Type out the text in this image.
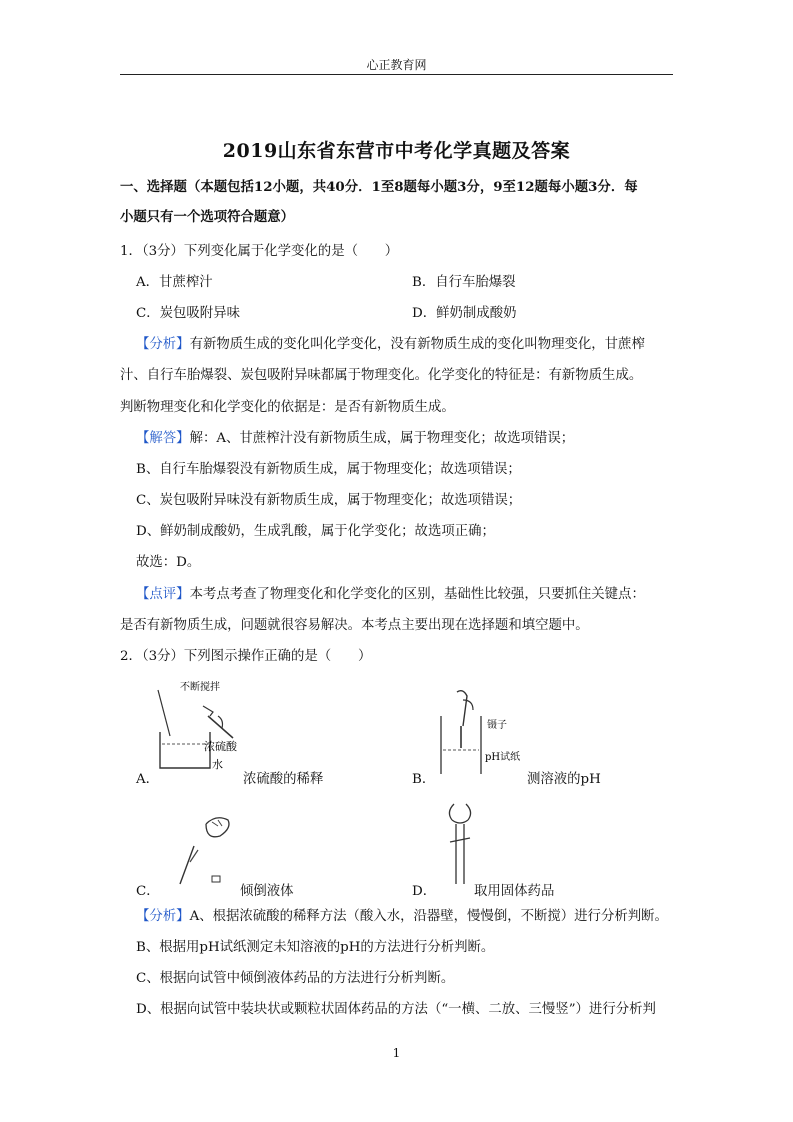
心正教育网
2019山东省东营市中考化学真题及答案
一、选择题（本题包括12小题，共40分．1至8题每小题3分，9至12题每小题3分．每
小题只有一个选项符合题意）
1．（3分）下列变化属于化学变化的是（　　）
A．甘蔗榨汁	B．自行车胎爆裂
C．炭包吸附异味	D．鲜奶制成酸奶
【分析】有新物质生成的变化叫化学变化，没有新物质生成的变化叫物理变化，甘蔗榨
汁、自行车胎爆裂、炭包吸附异味都属于物理变化。化学变化的特征是：有新物质生成。
判断物理变化和化学变化的依据是：是否有新物质生成。
【解答】解：A、甘蔗榨汁没有新物质生成，属于物理变化；故选项错误；
B、自行车胎爆裂没有新物质生成，属于物理变化；故选项错误；
C、炭包吸附异味没有新物质生成，属于物理变化；故选项错误；
D、鲜奶制成酸奶，生成乳酸，属于化学变化；故选项正确；
故选：D。
【点评】本考点考查了物理变化和化学变化的区别，基础性比较强，只要抓住关键点：
是否有新物质生成，问题就很容易解决。本考点主要出现在选择题和填空题中。
2．（3分）下列图示操作正确的是（　　）
不断搅拌
浓硫酸
水
A．	浓硫酸的稀释
镊子
pH试纸
B．	测溶液的pH
C．	倾倒液体	D．	取用固体药品
【分析】A、根据浓硫酸的稀释方法（酸入水，沿器壁，慢慢倒，不断搅）进行分析判断。
B、根据用pH试纸测定未知溶液的pH的方法进行分析判断。
C、根据向试管中倾倒液体药品的方法进行分析判断。
D、根据向试管中装块状或颗粒状固体药品的方法（“一横、二放、三慢竖”）进行分析判
1
